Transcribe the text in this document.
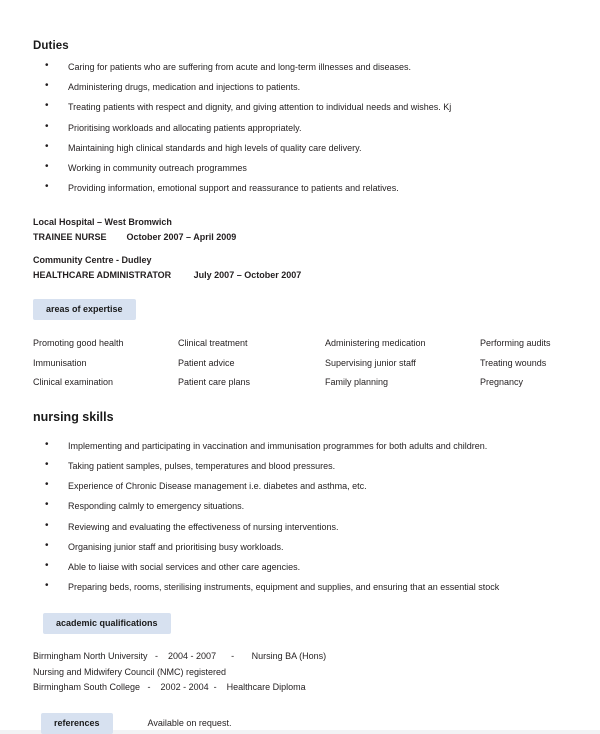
Duties
• Caring for patients who are suffering from acute and long-term illnesses and diseases.
• Administering drugs, medication and injections to patients.
• Treating patients with respect and dignity, and giving attention to individual needs and wishes. Kj
• Prioritising workloads and allocating patients appropriately.
• Maintaining high clinical standards and high levels of quality care delivery.
• Working in community outreach programmes
• Providing information, emotional support and reassurance to patients and relatives.
Local Hospital – West Bromwich
TRAINEE NURSE        October 2007 – April 2009
Community Centre - Dudley
HEALTHCARE ADMINISTRATOR         July 2007 – October 2007
areas of expertise
Promoting good health	Clinical treatment	Administering medication	Performing audits
Immunisation	Patient advice	Supervising junior staff	Treating wounds
Clinical examination	Patient care plans	Family planning	Pregnancy
nursing skills
• Implementing and participating in vaccination and immunisation programmes for both adults and children.
• Taking patient samples, pulses, temperatures and blood pressures.
• Experience of Chronic Disease management i.e. diabetes and asthma, etc.
• Responding calmly to emergency situations.
• Reviewing and evaluating the effectiveness of nursing interventions.
• Organising junior staff and prioritising busy workloads.
• Able to liaise with social services and other care agencies.
• Preparing beds, rooms, sterilising instruments, equipment and supplies, and ensuring that an essential stock
academic qualifications
Birmingham North University   -    2004 - 2007      -       Nursing BA (Hons)
Nursing and Midwifery Council (NMC) registered
Birmingham South College   -    2002 - 2004  -    Healthcare Diploma
references	Available on request.
